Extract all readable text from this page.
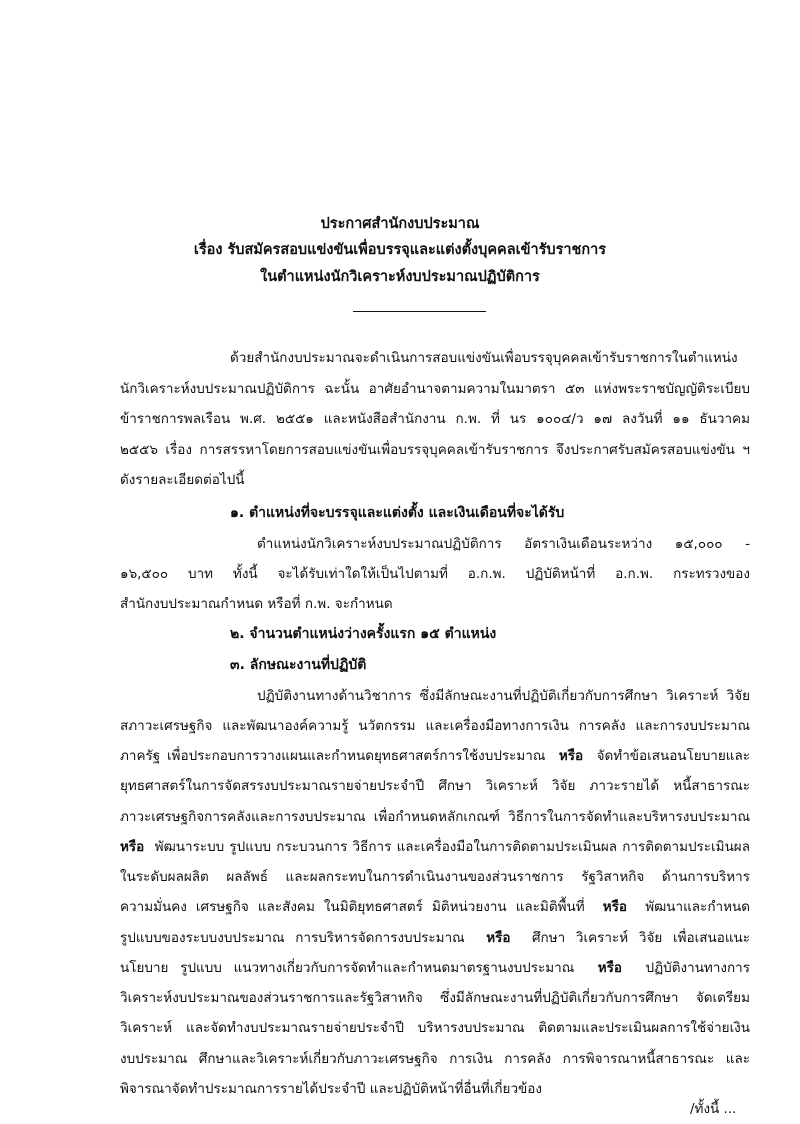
ประกาศสำนักงบประมาณ
เรื่อง รับสมัครสอบแข่งขันเพื่อบรรจุและแต่งตั้งบุคคลเข้ารับราชการ
ในตำแหน่งนักวิเคราะห์งบประมาณปฏิบัติการ
ด้วยสำนักงบประมาณจะดำเนินการสอบแข่งขันเพื่อบรรจุบุคคลเข้ารับราชการในตำแหน่ง
นักวิเคราะห์งบประมาณปฏิบัติการ ฉะนั้น อาศัยอำนาจตามความในมาตรา ๕๓ แห่งพระราชบัญญัติระเบียบ
ข้าราชการพลเรือน พ.ศ. ๒๕๕๑ และหนังสือสำนักงาน ก.พ. ที่ นร ๑๐๐๔/ว ๑๗ ลงวันที่ ๑๑ ธันวาคม
๒๕๕๖ เรื่อง การสรรหาโดยการสอบแข่งขันเพื่อบรรจุบุคคลเข้ารับราชการ จึงประกาศรับสมัครสอบแข่งขัน ฯ
ดังรายละเอียดต่อไปนี้
๑. ตำแหน่งที่จะบรรจุและแต่งตั้ง และเงินเดือนที่จะได้รับ
ตำแหน่งนักวิเคราะห์งบประมาณปฏิบัติการ อัตราเงินเดือนระหว่าง ๑๕,๐๐๐ -
๑๖,๕๐๐ บาท ทั้งนี้ จะได้รับเท่าใดให้เป็นไปตามที่ อ.ก.พ. ปฏิบัติหน้าที่ อ.ก.พ. กระทรวงของ
สำนักงบประมาณกำหนด หรือที่ ก.พ. จะกำหนด
๒. จำนวนตำแหน่งว่างครั้งแรก ๑๕ ตำแหน่ง
๓. ลักษณะงานที่ปฏิบัติ
ปฏิบัติงานทางด้านวิชาการ ซึ่งมีลักษณะงานที่ปฏิบัติเกี่ยวกับการศึกษา วิเคราะห์ วิจัย
สภาวะเศรษฐกิจ และพัฒนาองค์ความรู้ นวัตกรรม และเครื่องมือทางการเงิน การคลัง และการงบประมาณ
ภาครัฐ เพื่อประกอบการวางแผนและกำหนดยุทธศาสตร์การใช้งบประมาณ หรือ จัดทำข้อเสนอนโยบายและ
ยุทธศาสตร์ในการจัดสรรงบประมาณรายจ่ายประจำปี ศึกษา วิเคราะห์ วิจัย ภาวะรายได้ หนี้สาธารณะ
ภาวะเศรษฐกิจการคลังและการงบประมาณ เพื่อกำหนดหลักเกณฑ์ วิธีการในการจัดทำและบริหารงบประมาณ
หรือ พัฒนาระบบ รูปแบบ กระบวนการ วิธีการ และเครื่องมือในการติดตามประเมินผล การติดตามประเมินผล
ในระดับผลผลิต ผลลัพธ์ และผลกระทบในการดำเนินงานของส่วนราชการ รัฐวิสาหกิจ ด้านการบริหาร
ความมั่นคง เศรษฐกิจ และสังคม ในมิติยุทธศาสตร์ มิติหน่วยงาน และมิติพื้นที่ หรือ พัฒนาและกำหนด
รูปแบบของระบบงบประมาณ การบริหารจัดการงบประมาณ หรือ ศึกษา วิเคราะห์ วิจัย เพื่อเสนอแนะ
นโยบาย รูปแบบ แนวทางเกี่ยวกับการจัดทำและกำหนดมาตรฐานงบประมาณ หรือ ปฏิบัติงานทางการ
วิเคราะห์งบประมาณของส่วนราชการและรัฐวิสาหกิจ ซึ่งมีลักษณะงานที่ปฏิบัติเกี่ยวกับการศึกษา จัดเตรียม
วิเคราะห์ และจัดทำงบประมาณรายจ่ายประจำปี บริหารงบประมาณ ติดตามและประเมินผลการใช้จ่ายเงิน
งบประมาณ ศึกษาและวิเคราะห์เกี่ยวกับภาวะเศรษฐกิจ การเงิน การคลัง การพิจารณาหนี้สาธารณะ และ
พิจารณาจัดทำประมาณการรายได้ประจำปี และปฏิบัติหน้าที่อื่นที่เกี่ยวข้อง
/ทั้งนี้ ...
